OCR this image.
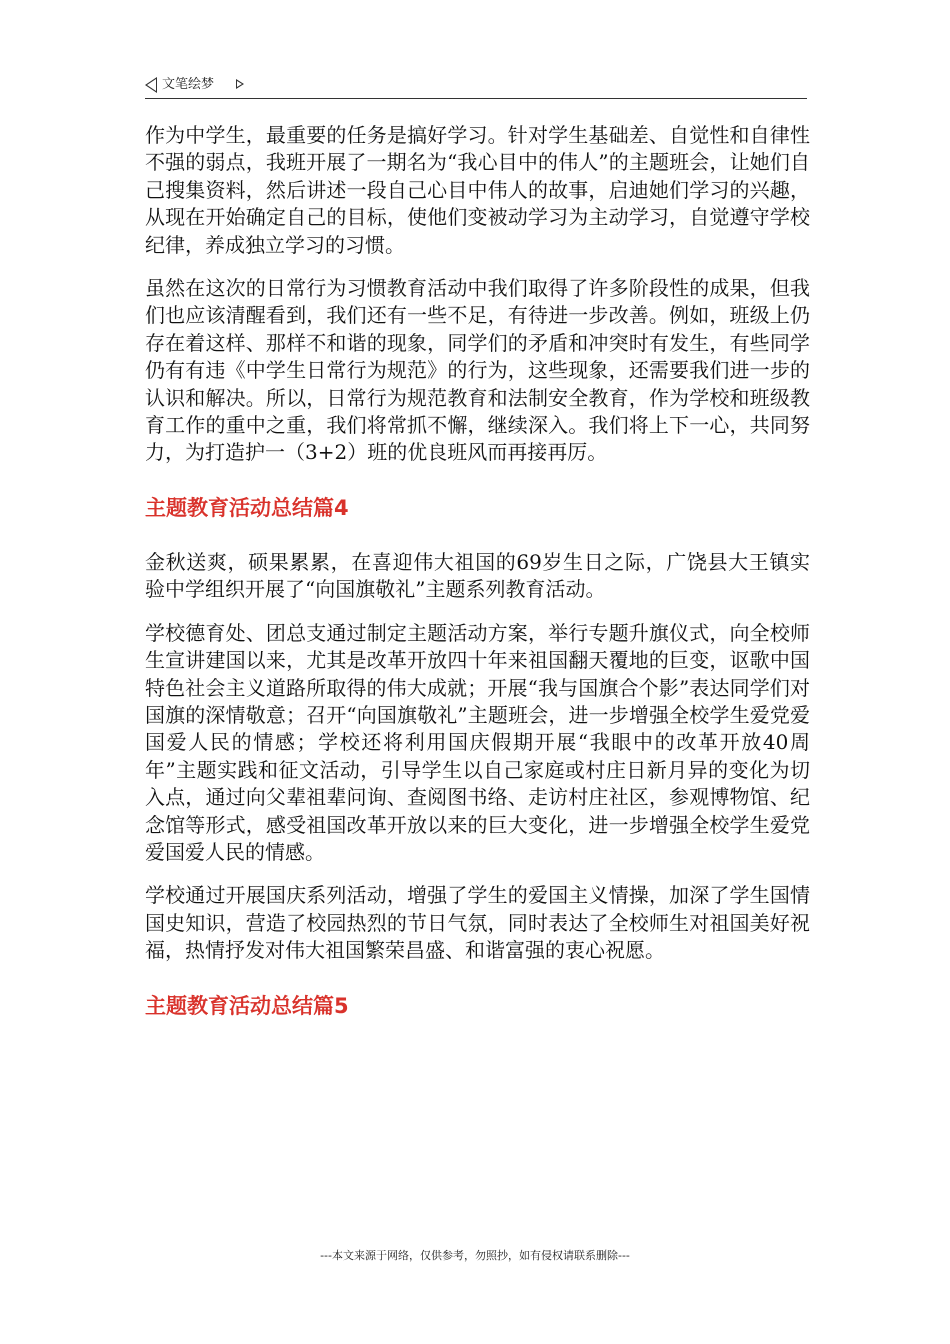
文笔绘梦

作为中学生，最重要的任务是搞好学习。针对学生基础差、自觉性和自律性不强的弱点，我班开展了一期名为“我心目中的伟人”的主题班会，让她们自己搜集资料，然后讲述一段自己心目中伟人的故事，启迪她们学习的兴趣，从现在开始确定自己的目标，使他们变被动学习为主动学习，自觉遵守学校纪律，养成独立学习的习惯。

虽然在这次的日常行为习惯教育活动中我们取得了许多阶段性的成果，但我们也应该清醒看到，我们还有一些不足，有待进一步改善。例如，班级上仍存在着这样、那样不和谐的现象，同学们的矛盾和冲突时有发生，有些同学仍有有违《中学生日常行为规范》的行为，这些现象，还需要我们进一步的认识和解决。所以，日常行为规范教育和法制安全教育，作为学校和班级教育工作的重中之重，我们将常抓不懈，继续深入。我们将上下一心，共同努力，为打造护一（3+2）班的优良班风而再接再厉。

主题教育活动总结篇4

金秋送爽，硕果累累，在喜迎伟大祖国的69岁生日之际，广饶县大王镇实验中学组织开展了“向国旗敬礼”主题系列教育活动。

学校德育处、团总支通过制定主题活动方案，举行专题升旗仪式，向全校师生宣讲建国以来，尤其是改革开放四十年来祖国翻天覆地的巨变，讴歌中国特色社会主义道路所取得的伟大成就；开展“我与国旗合个影”表达同学们对国旗的深情敬意；召开“向国旗敬礼”主题班会，进一步增强全校学生爱党爱国爱人民的情感；学校还将利用国庆假期开展“我眼中的改革开放40周年”主题实践和征文活动，引导学生以自己家庭或村庄日新月异的变化为切入点，通过向父辈祖辈问询、查阅图书络、走访村庄社区，参观博物馆、纪念馆等形式，感受祖国改革开放以来的巨大变化，进一步增强全校学生爱党爱国爱人民的情感。

学校通过开展国庆系列活动，增强了学生的爱国主义情操，加深了学生国情国史知识，营造了校园热烈的节日气氛，同时表达了全校师生对祖国美好祝福，热情抒发对伟大祖国繁荣昌盛、和谐富强的衷心祝愿。

主题教育活动总结篇5
---本文来源于网络，仅供参考，勿照抄，如有侵权请联系删除---
